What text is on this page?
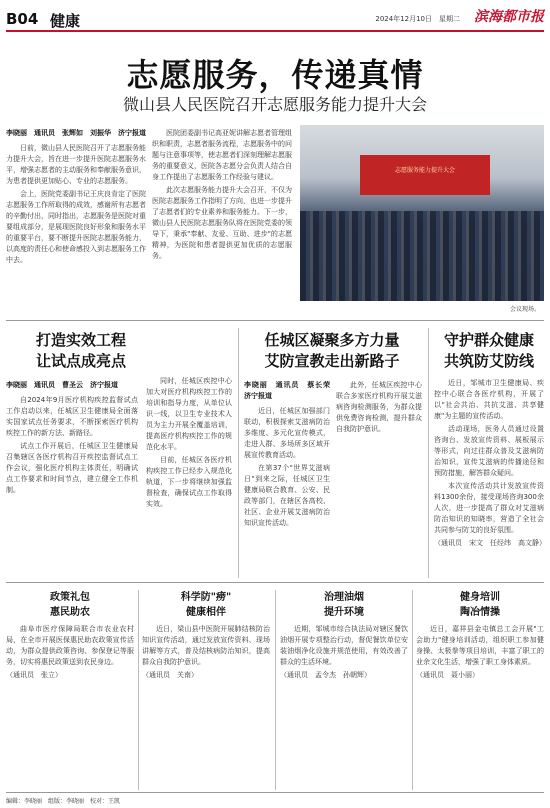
B04 健康	2024年12月10日　星期二 滨海都市报
志愿服务，传递真情
微山县人民医院召开志愿服务能力提升大会
李晓丽　通讯员　张辉如　刘振华　济宁报道

日前，微山县人民医院召开了志愿服务能力提升大会，旨在进一步提升医院志愿服务水平，增强志愿者的主动服务和奉献服务意识，为患者提供更加贴心、专业的志愿服务。

会上，医院党委副书记王庆良肯定了医院志愿服务工作所取得的成效，感谢所有志愿者的辛勤付出，同时指出，志愿服务是医院对重要组成部分，是展现医院良好形象和服务水平的重要平台，要不断提升医院志愿服务能力，以高度的责任心和使命感投入到志愿服务工作中去。

医院团委副书记高亚妮讲解志愿者管理组织和职责，志愿者服务流程，志愿服务中的问题与注意事项等，使志愿者们深刻理解志愿服务的重要意义，医院各志愿分会负责人结合自身工作提出了志愿服务工作经验与建议。

此次志愿服务能力提升大会召开，不仅为医院志愿服务工作指明了方向，也进一步提升了志愿者们的专业素养和服务能力。下一步，微山县人民医院志愿服务队将在医院党委的领导下，秉承"奉献、友爱、互助、进步"的志愿精神，为医院和患者提供更加优质的志愿服务。

志愿服务能力提升大会
会议现场。
打造实效工程
让试点成亮点
李晓丽　通讯员　曹圣云　济宁报道

自2024年9月医疗机构疾控监督试点工作启动以来，任城区卫生健康局全面落实国家试点任务要求，不断探索医疗机构疾控工作的新方法、新路径。

试点工作开展后，任城区卫生健康局召集辖区各医疗机构召开疾控监督试点工作会议，强化医疗机构主体责任，明确试点工作要求和时间节点，建立健全工作机制。

同时，任城区疾控中心加大对医疗机构疾控工作的培训和指导力度，从单位认识一线，以卫生专业技术人员为主力开展全覆盖培训，提高医疗机构疾控工作的规范化水平。

目前，任城区各医疗机构疾控工作已经步入规范化轨道，下一步将继续加强监督检查，确保试点工作取得实效。

任城区凝聚多方力量
艾防宣教走出新路子
李晓丽　通讯员　蔡长荣　济宁报道

近日，任城区加强部门联动，积极探索艾滋病防治多维度、多元化宣传模式，走进人群、多场所多区域开展宣传教育活动。

在第37个"世界艾滋病日"到来之际，任城区卫生健康局联合教育、公安、民政等部门，在辖区各高校、社区、企业开展艾滋病防治知识宣传活动。

此外，任城区疾控中心联合多家医疗机构开展艾滋病咨询检测服务，为群众提供免费咨询检测，提升群众自我防护意识。

守护群众健康
共筑防艾防线

近日，邹城市卫生健康局、疾控中心联合各医疗机构，开展了以"社会共治、共抗艾滋、共享健康"为主题的宣传活动。

活动现场，医务人员通过设置咨询台、发放宣传资料、展板展示等形式，向过往群众普及艾滋病防治知识，宣传艾滋病的传播途径和预防措施，解答群众疑问。

本次宣传活动共计发放宣传资料1300余份，接受现场咨询300余人次，进一步提高了群众对艾滋病防治知识的知晓率，营造了全社会共同参与防艾的良好氛围。

（通讯员　宋文　任经纬　高文静）
政策礼包
惠民助农

曲阜市医疗保障局联合市农业农村局，在全市开展医保惠民助农政策宣传活动，为群众提供政策咨询、参保登记等服务，切实将惠民政策送到农民身边。

（通讯员　张立）
科学防"痨"
健康相伴

近日，梁山县中医院开展肺结核防治知识宣传活动，通过发放宣传资料、现场讲解等方式，普及结核病防治知识，提高群众自我防护意识。

（通讯员　关南）
治理油烟
提升环境

近期，邹城市综合执法局对辖区餐饮油烟开展专项整治行动，督促餐饮单位安装油烟净化设施并规范使用，有效改善了群众的生活环境。

（通讯员　孟令杰　孙朝辉）
健身培训
陶冶情操

近日，嘉祥县金屯镇总工会开展"工会助力"健身培训活动，组织职工参加健身操、太极拳等项目培训，丰富了职工的业余文化生活，增强了职工身体素质。

（通讯员　聂小丽）
编辑：李晓丽　组版：李晓丽　校对：王凯
